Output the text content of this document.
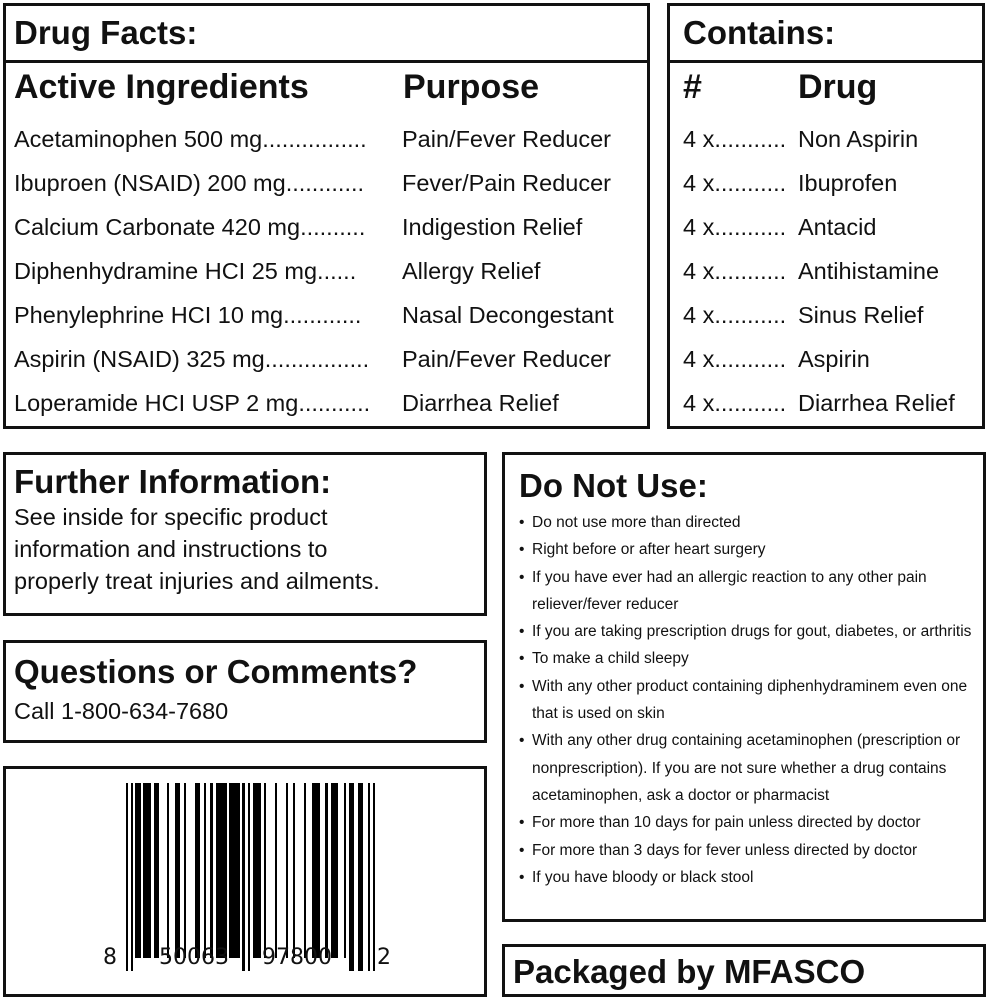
Drug Facts:
Active Ingredients	Purpose
Acetaminophen 500 mg................ Pain/Fever Reducer
Ibuproen (NSAID) 200 mg............ Fever/Pain Reducer
Calcium Carbonate 420 mg.......... Indigestion Relief
Diphenhydramine HCI 25 mg...... Allergy Relief
Phenylephrine HCI 10 mg............ Nasal Decongestant
Aspirin (NSAID) 325 mg................ Pain/Fever Reducer
Loperamide HCI USP 2 mg........... Diarrhea Relief
Contains:
#	Drug
4 x........... Non Aspirin
4 x........... Ibuprofen
4 x........... Antacid
4 x........... Antihistamine
4 x........... Sinus Relief
4 x........... Aspirin
4 x........... Diarrhea Relief
Further Information:
See inside for specific product
information and instructions to
properly treat injuries and ailments.
Questions or Comments?
Call 1-800-634-7680
8 50063 97800 2
Do Not Use:
• Do not use more than directed
• Right before or after heart surgery
• If you have ever had an allergic reaction to any other pain reliever/fever reducer
• If you are taking prescription drugs for gout, diabetes, or arthritis
• To make a child sleepy
• With any other product containing diphenhydraminem even one that is used on skin
• With any other drug containing acetaminophen (prescription or nonprescription). If you are not sure whether a drug contains acetaminophen, ask a doctor or pharmacist
• For more than 10 days for pain unless directed by doctor
• For more than 3 days for fever unless directed by doctor
• If you have bloody or black stool
Packaged by MFASCO
